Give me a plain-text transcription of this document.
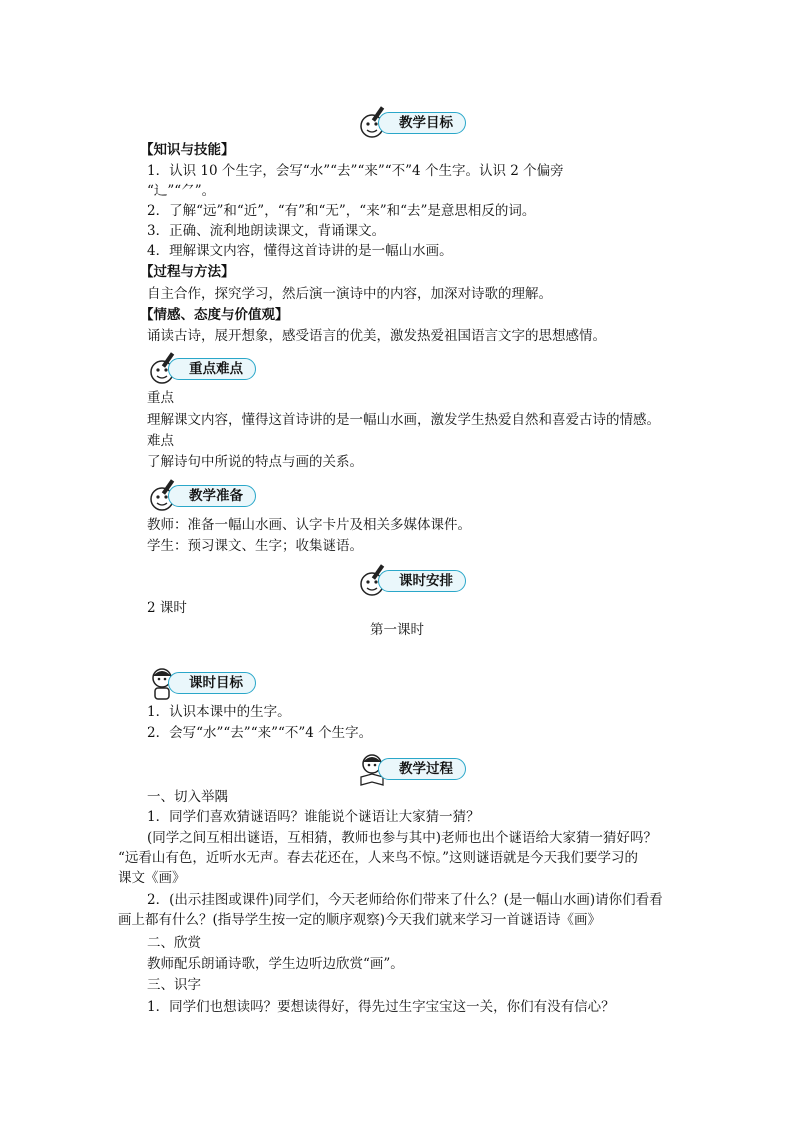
教学目标
【知识与技能】
1．认识 10 个生字，会写“水”“去”“来”“不”4 个生字。认识 2 个偏旁
“辶”“⺈”。
2．了解“远”和“近”，“有”和“无”，“来”和“去”是意思相反的词。
3．正确、流利地朗读课文，背诵课文。
4．理解课文内容，懂得这首诗讲的是一幅山水画。
【过程与方法】
自主合作，探究学习，然后演一演诗中的内容，加深对诗歌的理解。
【情感、态度与价值观】
诵读古诗，展开想象，感受语言的优美，激发热爱祖国语言文字的思想感情。
重点难点
重点
理解课文内容，懂得这首诗讲的是一幅山水画，激发学生热爱自然和喜爱古诗的情感。
难点
了解诗句中所说的特点与画的关系。
教学准备
教师：准备一幅山水画、认字卡片及相关多媒体课件。
学生：预习课文、生字；收集谜语。
课时安排
2 课时
第一课时
课时目标
1．认识本课中的生字。
2．会写“水”“去”“来”“不”4 个生字。
教学过程
一、切入举隅
1．同学们喜欢猜谜语吗？谁能说个谜语让大家猜一猜？
(同学之间互相出谜语，互相猜，教师也参与其中)老师也出个谜语给大家猜一猜好吗？
“远看山有色，近听水无声。春去花还在，人来鸟不惊。”这则谜语就是今天我们要学习的
课文《画》
2．(出示挂图或课件)同学们，今天老师给你们带来了什么？(是一幅山水画)请你们看看
画上都有什么？(指导学生按一定的顺序观察)今天我们就来学习一首谜语诗《画》
二、欣赏
教师配乐朗诵诗歌，学生边听边欣赏“画”。
三、识字
1．同学们也想读吗？要想读得好，得先过生字宝宝这一关，你们有没有信心？
